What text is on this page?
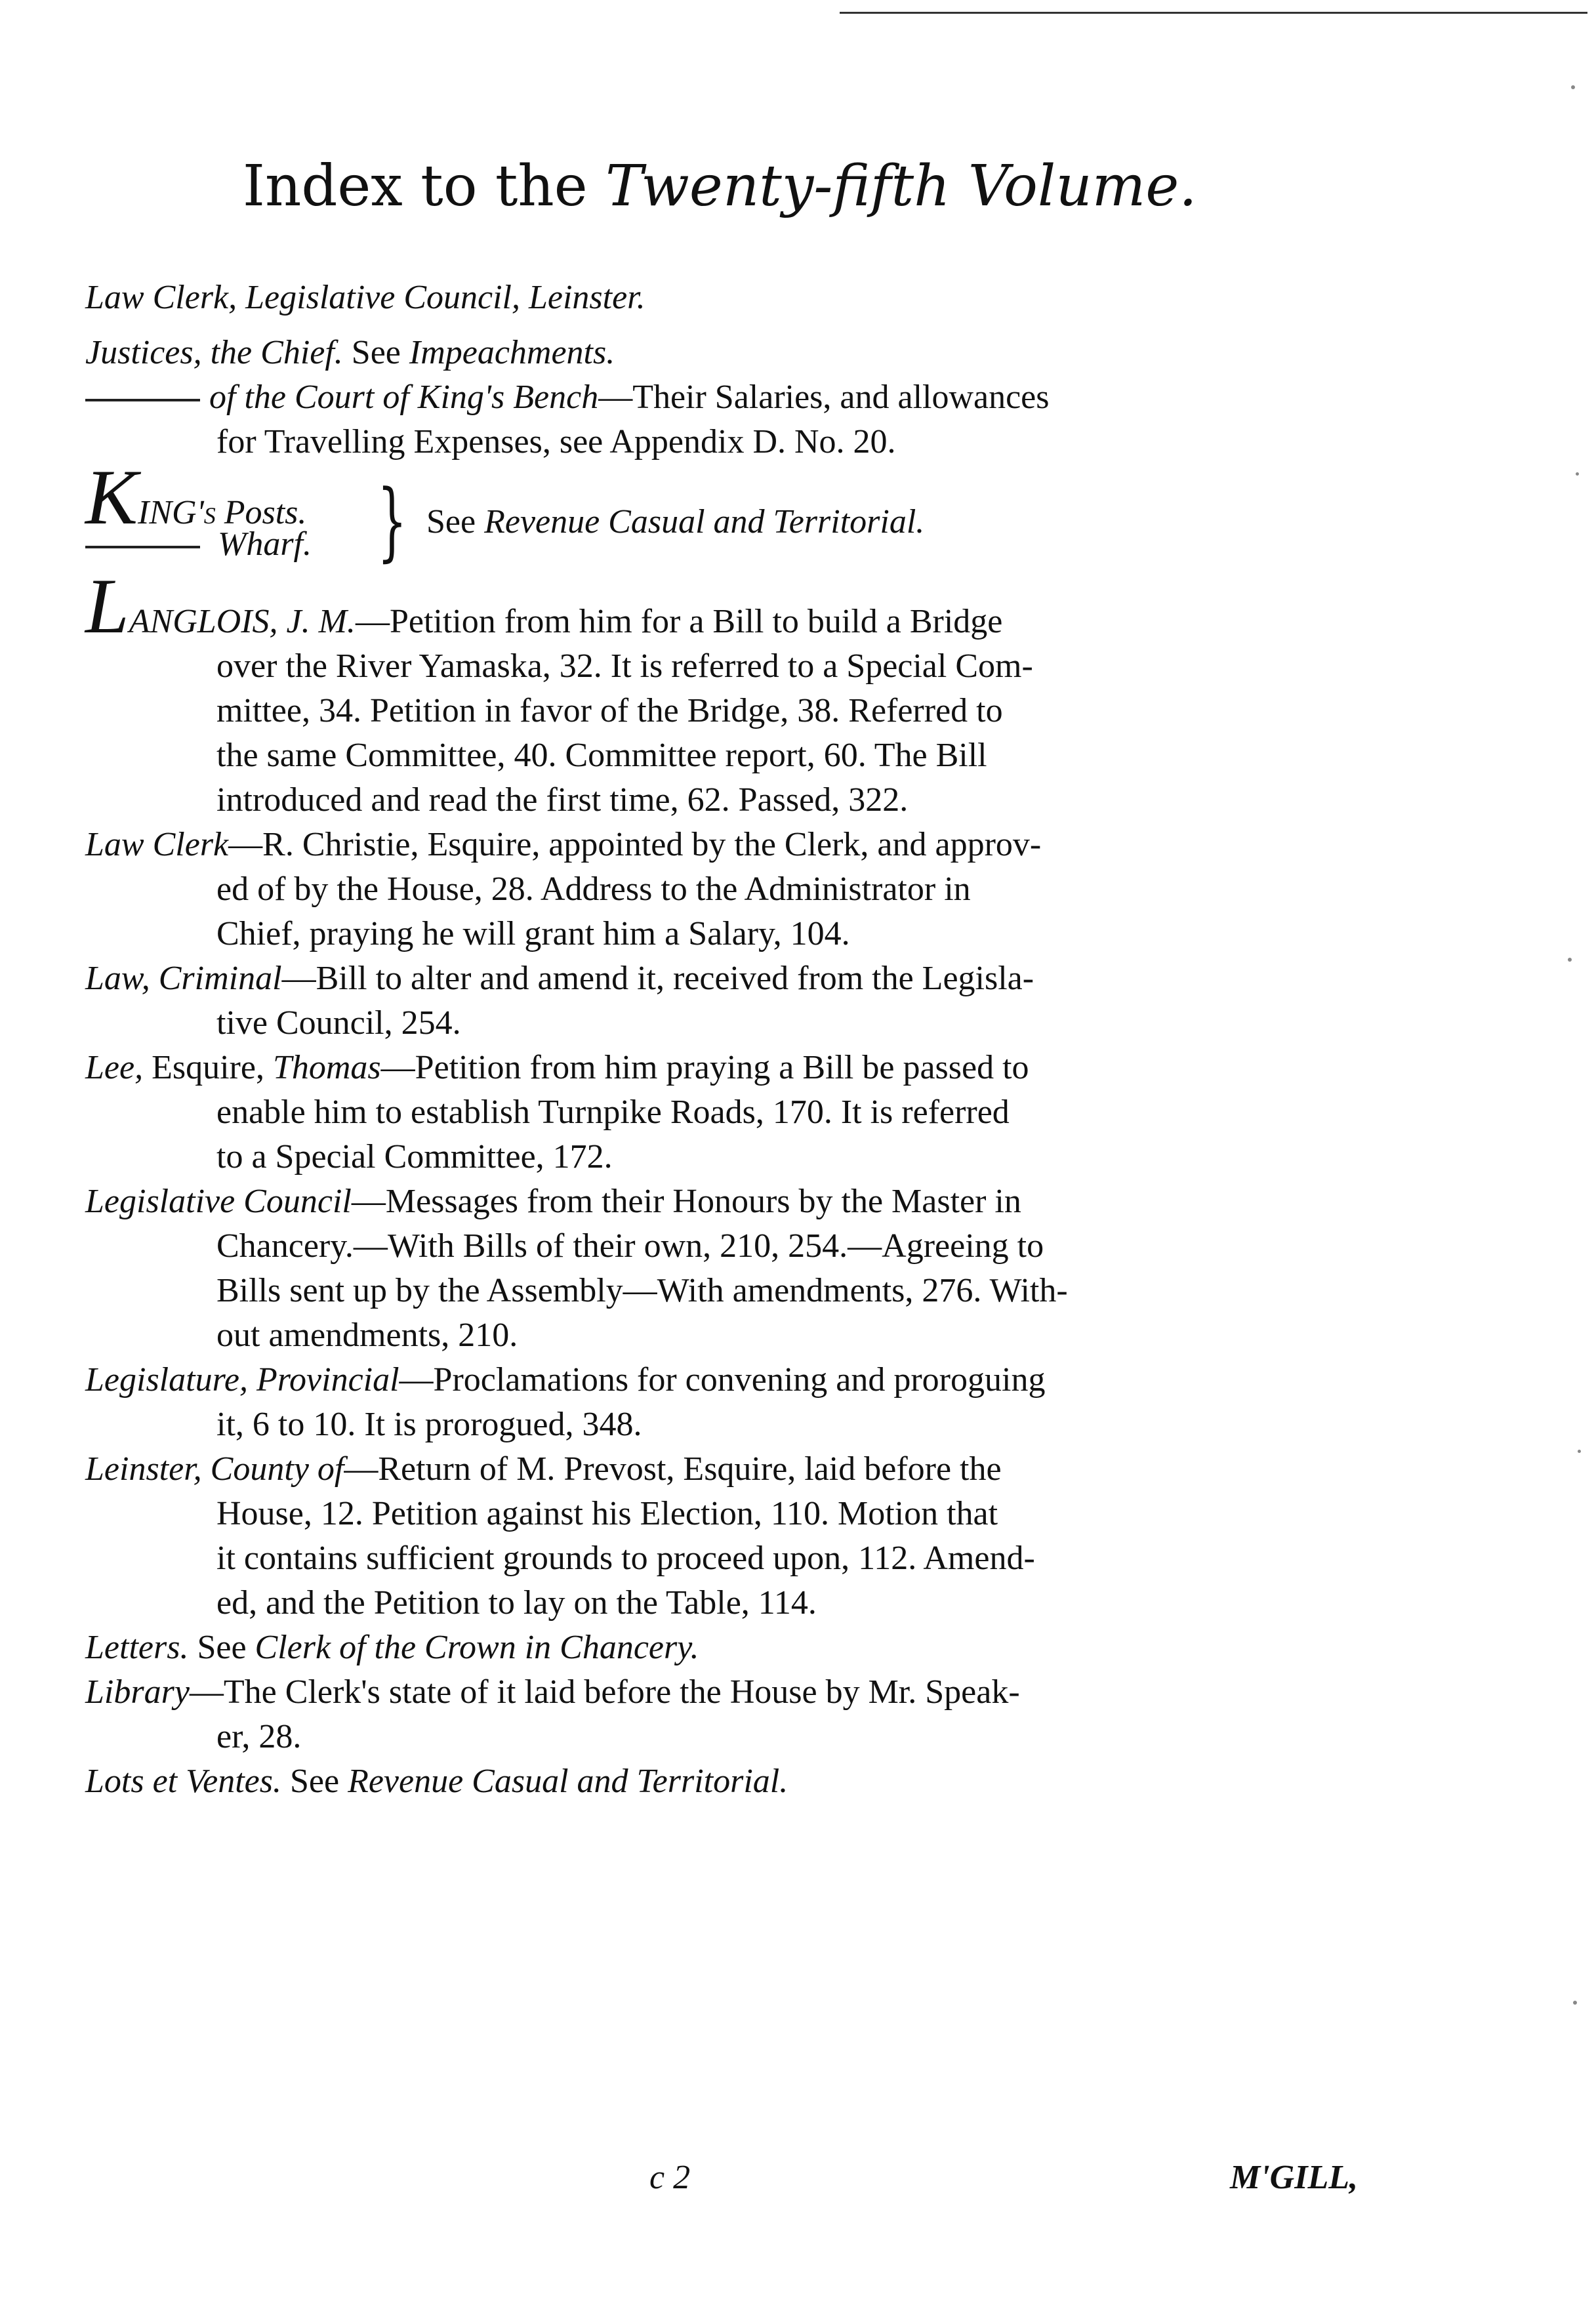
Index to the Twenty-fifth Volume.

Law Clerk, Legislative Council, Leinster.

Justices, the Chief. See Impeachments.
of the Court of King's Bench—Their Salaries, and allowances
for Travelling Expenses, see Appendix D. No. 20.

KING's Posts.
Wharf. } See Revenue Casual and Territorial.

LANGLOIS, J. M.—Petition from him for a Bill to build a Bridge
over the River Yamaska, 32. It is referred to a Special Com-
mittee, 34. Petition in favor of the Bridge, 38. Referred to
the same Committee, 40. Committee report, 60. The Bill
introduced and read the first time, 62. Passed, 322.

Law Clerk—R. Christie, Esquire, appointed by the Clerk, and approv-
ed of by the House, 28. Address to the Administrator in
Chief, praying he will grant him a Salary, 104.

Law, Criminal—Bill to alter and amend it, received from the Legisla-
tive Council, 254.

Lee, Esquire, Thomas—Petition from him praying a Bill be passed to
enable him to establish Turnpike Roads, 170. It is referred
to a Special Committee, 172.

Legislative Council—Messages from their Honours by the Master in
Chancery.—With Bills of their own, 210, 254.—Agreeing to
Bills sent up by the Assembly—With amendments, 276. With-
out amendments, 210.

Legislature, Provincial—Proclamations for convening and proroguing
it, 6 to 10. It is prorogued, 348.

Leinster, County of—Return of M. Prevost, Esquire, laid before the
House, 12. Petition against his Election, 110. Motion that
it contains sufficient grounds to proceed upon, 112. Amend-
ed, and the Petition to lay on the Table, 114.

Letters. See Clerk of the Crown in Chancery.

Library—The Clerk's state of it laid before the House by Mr. Speak-
er, 28.

Lots et Ventes. See Revenue Casual and Territorial.

c 2	M'GILL,
